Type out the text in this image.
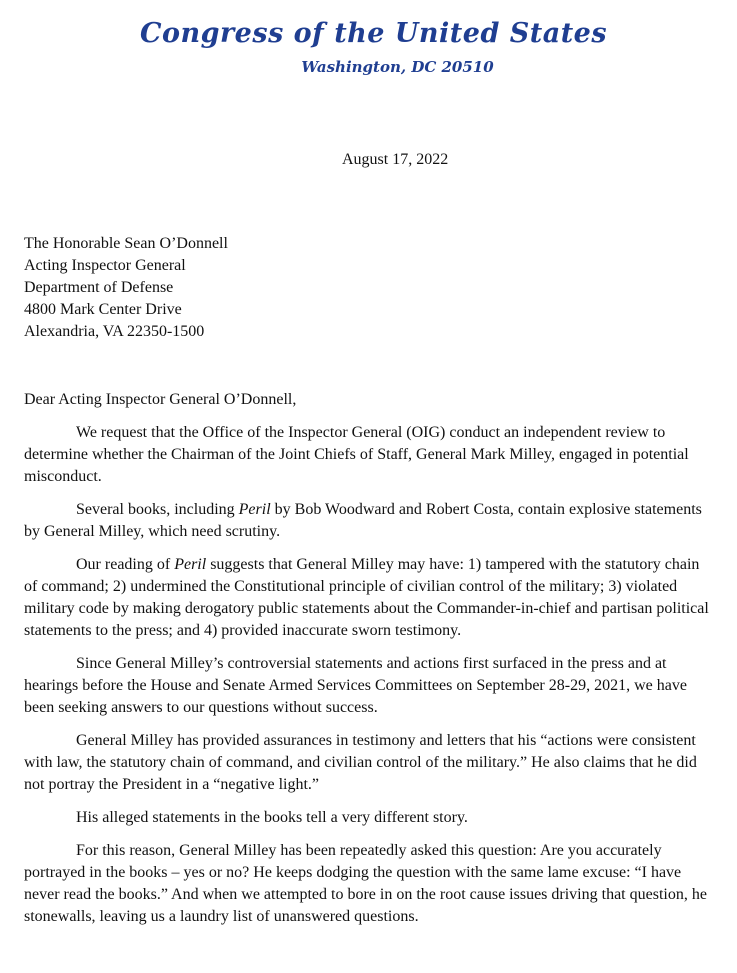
Congress of the United States
Washington, DC 20510
August 17, 2022
The Honorable Sean O’Donnell
Acting Inspector General
Department of Defense
4800 Mark Center Drive
Alexandria, VA 22350-1500
Dear Acting Inspector General O’Donnell,

We request that the Office of the Inspector General (OIG) conduct an independent review to determine whether the Chairman of the Joint Chiefs of Staff, General Mark Milley, engaged in potential misconduct.

Several books, including Peril by Bob Woodward and Robert Costa, contain explosive statements by General Milley, which need scrutiny.

Our reading of Peril suggests that General Milley may have: 1) tampered with the statutory chain of command; 2) undermined the Constitutional principle of civilian control of the military; 3) violated military code by making derogatory public statements about the Commander-in-chief and partisan political statements to the press; and 4) provided inaccurate sworn testimony.

Since General Milley’s controversial statements and actions first surfaced in the press and at hearings before the House and Senate Armed Services Committees on September 28-29, 2021, we have been seeking answers to our questions without success.

General Milley has provided assurances in testimony and letters that his “actions were consistent with law, the statutory chain of command, and civilian control of the military.” He also claims that he did not portray the President in a “negative light.”

His alleged statements in the books tell a very different story.

For this reason, General Milley has been repeatedly asked this question: Are you accurately portrayed in the books – yes or no? He keeps dodging the question with the same lame excuse: “I have never read the books.” And when we attempted to bore in on the root cause issues driving that question, he stonewalls, leaving us a laundry list of unanswered questions.
